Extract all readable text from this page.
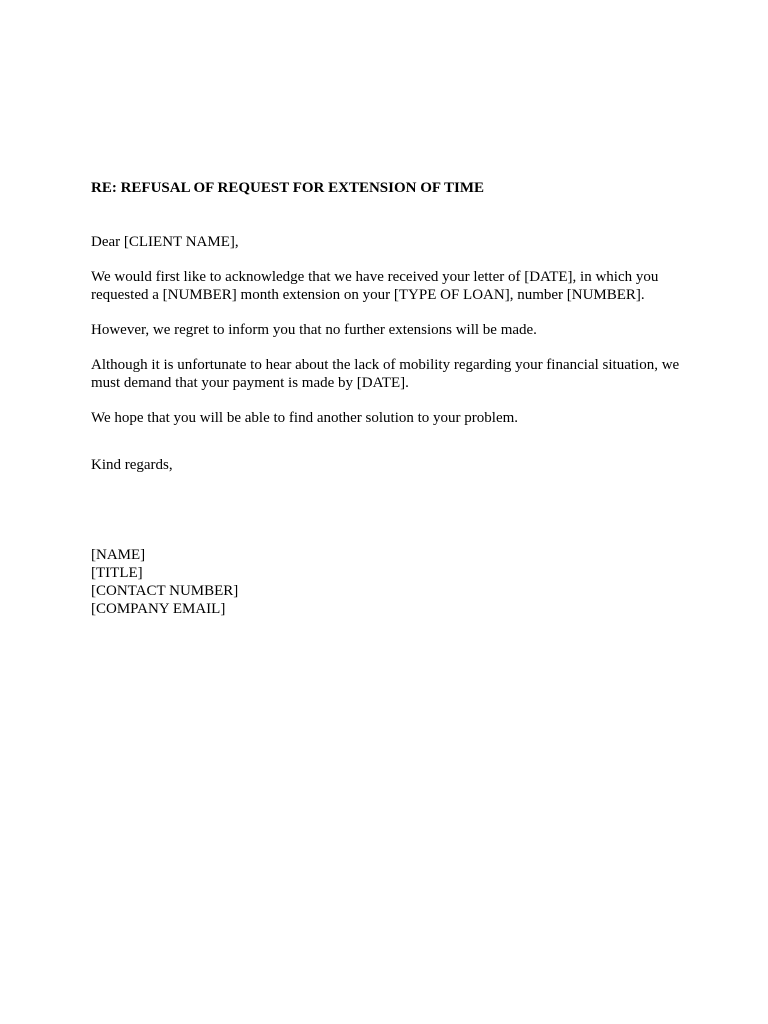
RE: REFUSAL OF REQUEST FOR EXTENSION OF TIME

Dear [CLIENT NAME],

We would first like to acknowledge that we have received your letter of [DATE], in which you requested a [NUMBER] month extension on your [TYPE OF LOAN], number [NUMBER].

However, we regret to inform you that no further extensions will be made.

Although it is unfortunate to hear about the lack of mobility regarding your financial situation, we must demand that your payment is made by [DATE].

We hope that you will be able to find another solution to your problem.

Kind regards,

[NAME]
[TITLE]
[CONTACT NUMBER]
[COMPANY EMAIL]
